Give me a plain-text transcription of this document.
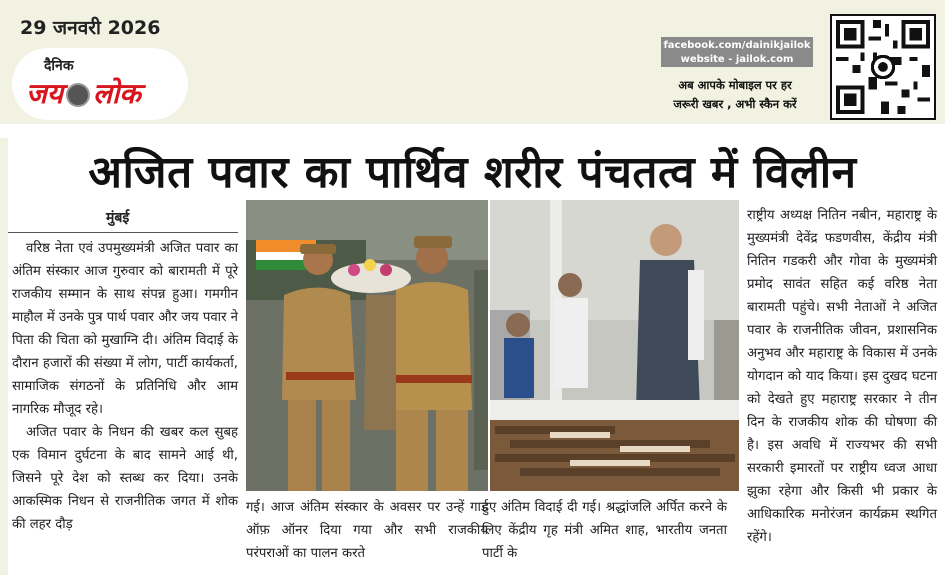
29 जनवरी 2026
दैनिक
जय लोक
facebook.com/dainikjailok
website - jailok.com
अब आपके मोबाइल पर हर
जरूरी खबर , अभी स्कैन करें
अजित पवार का पार्थिव शरीर पंचतत्व में विलीन
मुंबई

वरिष्ठ नेता एवं उपमुख्यमंत्री अजित पवार का अंतिम संस्कार आज गुरुवार को बारामती में पूरे राजकीय सम्मान के साथ संपन्न हुआ। गमगीन माहौल में उनके पुत्र पार्थ पवार और जय पवार ने पिता की चिता को मुखाग्नि दी। अंतिम विदाई के दौरान हजारों की संख्या में लोग, पार्टी कार्यकर्ता, सामाजिक संगठनों के प्रतिनिधि और आम नागरिक मौजूद रहे।

अजित पवार के निधन की खबर कल सुबह एक विमान दुर्घटना के बाद सामने आई थी, जिसने पूरे देश को स्तब्ध कर दिया। उनके आकस्मिक निधन से राजनीतिक जगत में शोक की लहर दौड़

गई। आज अंतिम संस्कार के अवसर पर उन्हें गार्ड ऑफ़ ऑनर दिया गया और सभी राजकीय परंपराओं का पालन करते

हुए अंतिम विदाई दी गई। श्रद्धांजलि अर्पित करने के लिए केंद्रीय गृह मंत्री अमित शाह, भारतीय जनता पार्टी के

राष्ट्रीय अध्यक्ष नितिन नबीन, महाराष्ट्र के मुख्यमंत्री देवेंद्र फडणवीस, केंद्रीय मंत्री नितिन गडकरी और गोवा के मुख्यमंत्री प्रमोद सावंत सहित कई वरिष्ठ नेता बारामती पहुंचे। सभी नेताओं ने अजित पवार के राजनीतिक जीवन, प्रशासनिक अनुभव और महाराष्ट्र के विकास में उनके योगदान को याद किया। इस दुखद घटना को देखते हुए महाराष्ट्र सरकार ने तीन दिन के राजकीय शोक की घोषणा की है। इस अवधि में राज्यभर की सभी सरकारी इमारतों पर राष्ट्रीय ध्वज आधा झुका रहेगा और किसी भी प्रकार के आधिकारिक मनोरंजन कार्यक्रम स्थगित रहेंगे।
